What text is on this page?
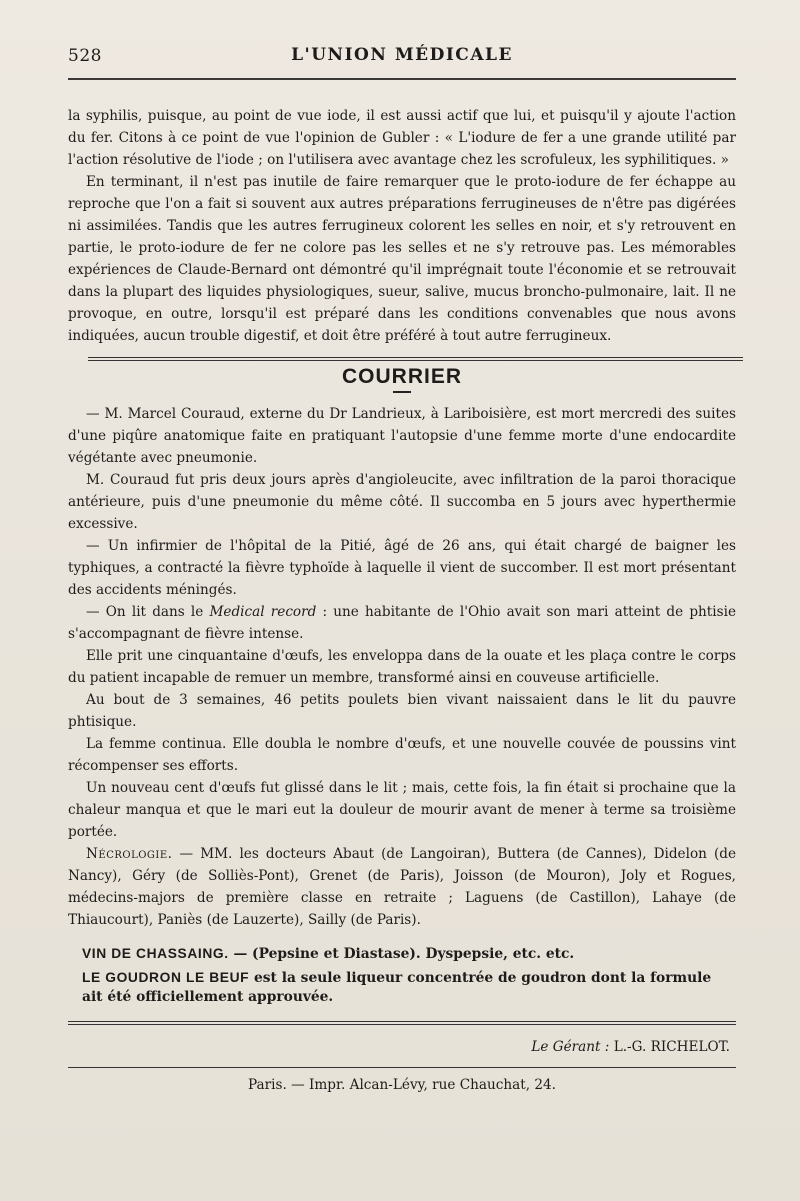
528	L'UNION MÉDICALE

la syphilis, puisque, au point de vue iode, il est aussi actif que lui, et puisqu'il y ajoute l'action du fer. Citons à ce point de vue l'opinion de Gubler : « L'iodure de fer a une grande utilité par l'action résolutive de l'iode ; on l'utilisera avec avantage chez les scrofuleux, les syphilitiques. »

En terminant, il n'est pas inutile de faire remarquer que le proto-iodure de fer échappe au reproche que l'on a fait si souvent aux autres préparations ferrugineuses de n'être pas digérées ni assimilées. Tandis que les autres ferrugineux colorent les selles en noir, et s'y retrouvent en partie, le proto-iodure de fer ne colore pas les selles et ne s'y retrouve pas. Les mémorables expériences de Claude-Bernard ont démontré qu'il imprégnait toute l'économie et se retrouvait dans la plupart des liquides physiologiques, sueur, salive, mucus broncho-pulmonaire, lait. Il ne provoque, en outre, lorsqu'il est préparé dans les conditions convenables que nous avons indiquées, aucun trouble digestif, et doit être préféré à tout autre ferrugineux.

COURRIER

— M. Marcel Couraud, externe du Dr Landrieux, à Lariboisière, est mort mercredi des suites d'une piqûre anatomique faite en pratiquant l'autopsie d'une femme morte d'une endocardite végétante avec pneumonie.

M. Couraud fut pris deux jours après d'angioleucite, avec infiltration de la paroi thoracique antérieure, puis d'une pneumonie du même côté. Il succomba en 5 jours avec hyperthermie excessive.

— Un infirmier de l'hôpital de la Pitié, âgé de 26 ans, qui était chargé de baigner les typhiques, a contracté la fièvre typhoïde à laquelle il vient de succomber. Il est mort présentant des accidents méningés.

— On lit dans le Medical record : une habitante de l'Ohio avait son mari atteint de phtisie s'accompagnant de fièvre intense.

Elle prit une cinquantaine d'œufs, les enveloppa dans de la ouate et les plaça contre le corps du patient incapable de remuer un membre, transformé ainsi en couveuse artificielle.

Au bout de 3 semaines, 46 petits poulets bien vivant naissaient dans le lit du pauvre phtisique.

La femme continua. Elle doubla le nombre d'œufs, et une nouvelle couvée de poussins vint récompenser ses efforts.

Un nouveau cent d'œufs fut glissé dans le lit ; mais, cette fois, la fin était si prochaine que la chaleur manqua et que le mari eut la douleur de mourir avant de mener à terme sa troisième portée.

Nécrologie. — MM. les docteurs Abaut (de Langoiran), Buttera (de Cannes), Didelon (de Nancy), Géry (de Solliès-Pont), Grenet (de Paris), Joisson (de Mouron), Joly et Rogues, médecins-majors de première classe en retraite ; Laguens (de Castillon), Lahaye (de Thiaucourt), Paniès (de Lauzerte), Sailly (de Paris).

VIN DE CHASSAING. — (Pepsine et Diastase). Dyspepsie, etc. etc.

LE GOUDRON LE BEUF est la seule liqueur concentrée de goudron dont la formule ait été officiellement approuvée.

Le Gérant : L.-G. RICHELOT.
Paris. — Impr. Alcan-Lévy, rue Chauchat, 24.
